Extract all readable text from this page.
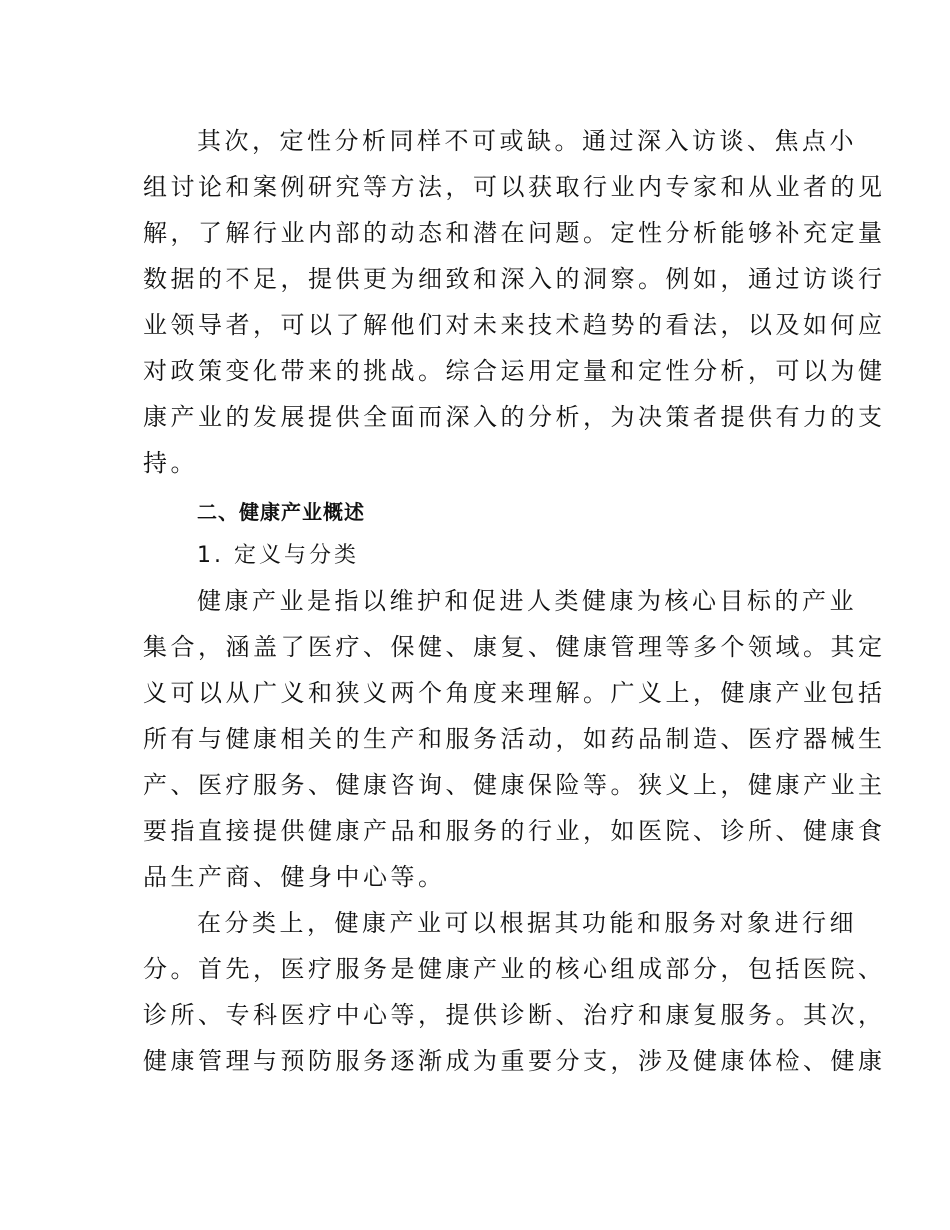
其次，定性分析同样不可或缺。通过深入访谈、焦点小
组讨论和案例研究等方法，可以获取行业内专家和从业者的见
解，了解行业内部的动态和潜在问题。定性分析能够补充定量
数据的不足，提供更为细致和深入的洞察。例如，通过访谈行
业领导者，可以了解他们对未来技术趋势的看法，以及如何应
对政策变化带来的挑战。综合运用定量和定性分析，可以为健
康产业的发展提供全面而深入的分析，为决策者提供有力的支
持。
二、健康产业概述
1. 定义与分类
健康产业是指以维护和促进人类健康为核心目标的产业
集合，涵盖了医疗、保健、康复、健康管理等多个领域。其定
义可以从广义和狭义两个角度来理解。广义上，健康产业包括
所有与健康相关的生产和服务活动，如药品制造、医疗器械生
产、医疗服务、健康咨询、健康保险等。狭义上，健康产业主
要指直接提供健康产品和服务的行业，如医院、诊所、健康食
品生产商、健身中心等。
在分类上，健康产业可以根据其功能和服务对象进行细
分。首先，医疗服务是健康产业的核心组成部分，包括医院、
诊所、专科医疗中心等，提供诊断、治疗和康复服务。其次，
健康管理与预防服务逐渐成为重要分支，涉及健康体检、健康
